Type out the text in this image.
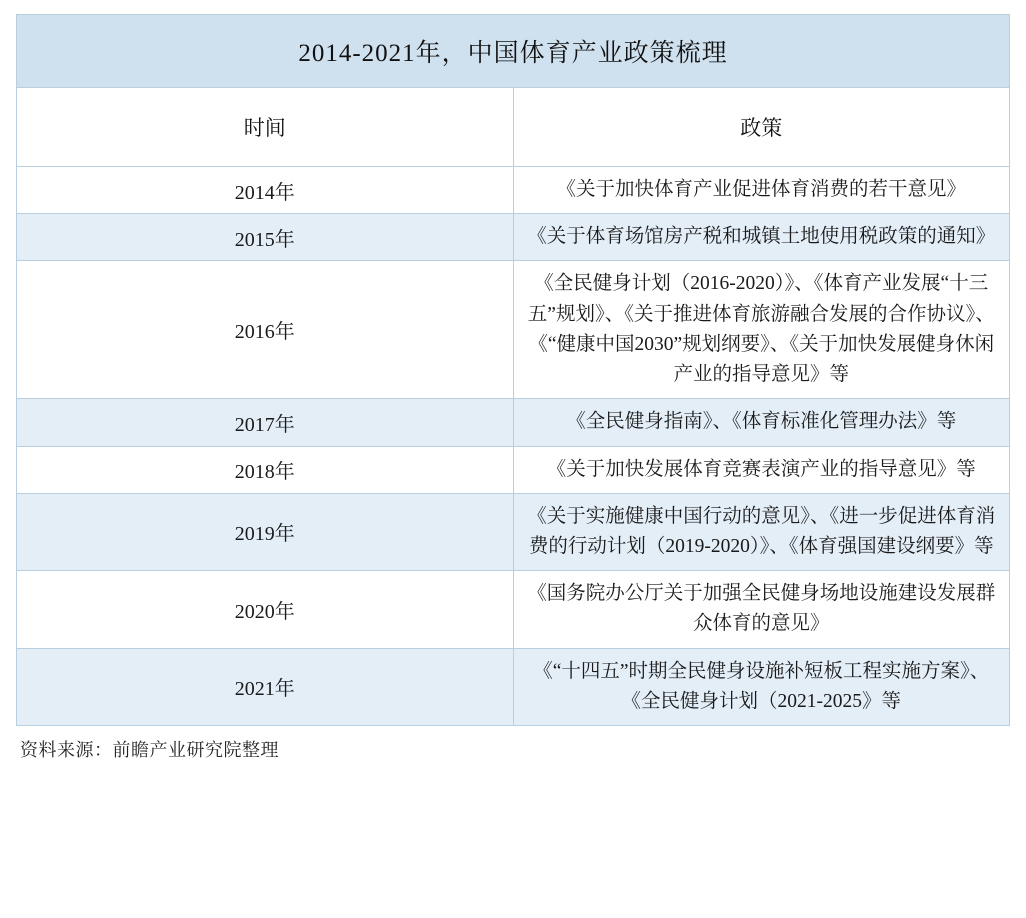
2014-2021年，中国体育产业政策梳理	
时间	政策
2014年	《关于加快体育产业促进体育消费的若干意见》
2015年	《关于体育场馆房产税和城镇土地使用税政策的通知》
2016年	《全民健身计划（2016-2020）》、《体育产业发展“十三五”规划》、《关于推进体育旅游融合发展的合作协议》、《“健康中国2030”规划纲要》、《关于加快发展健身休闲产业的指导意见》等
2017年	《全民健身指南》、《体育标准化管理办法》等
2018年	《关于加快发展体育竞赛表演产业的指导意见》等
2019年	《关于实施健康中国行动的意见》、《进一步促进体育消费的行动计划（2019-2020）》、《体育强国建设纲要》等
2020年	《国务院办公厅关于加强全民健身场地设施建设发展群众体育的意见》
2021年	《“十四五”时期全民健身设施补短板工程实施方案》、《全民健身计划（2021-2025》等
资料来源：前瞻产业研究院整理
